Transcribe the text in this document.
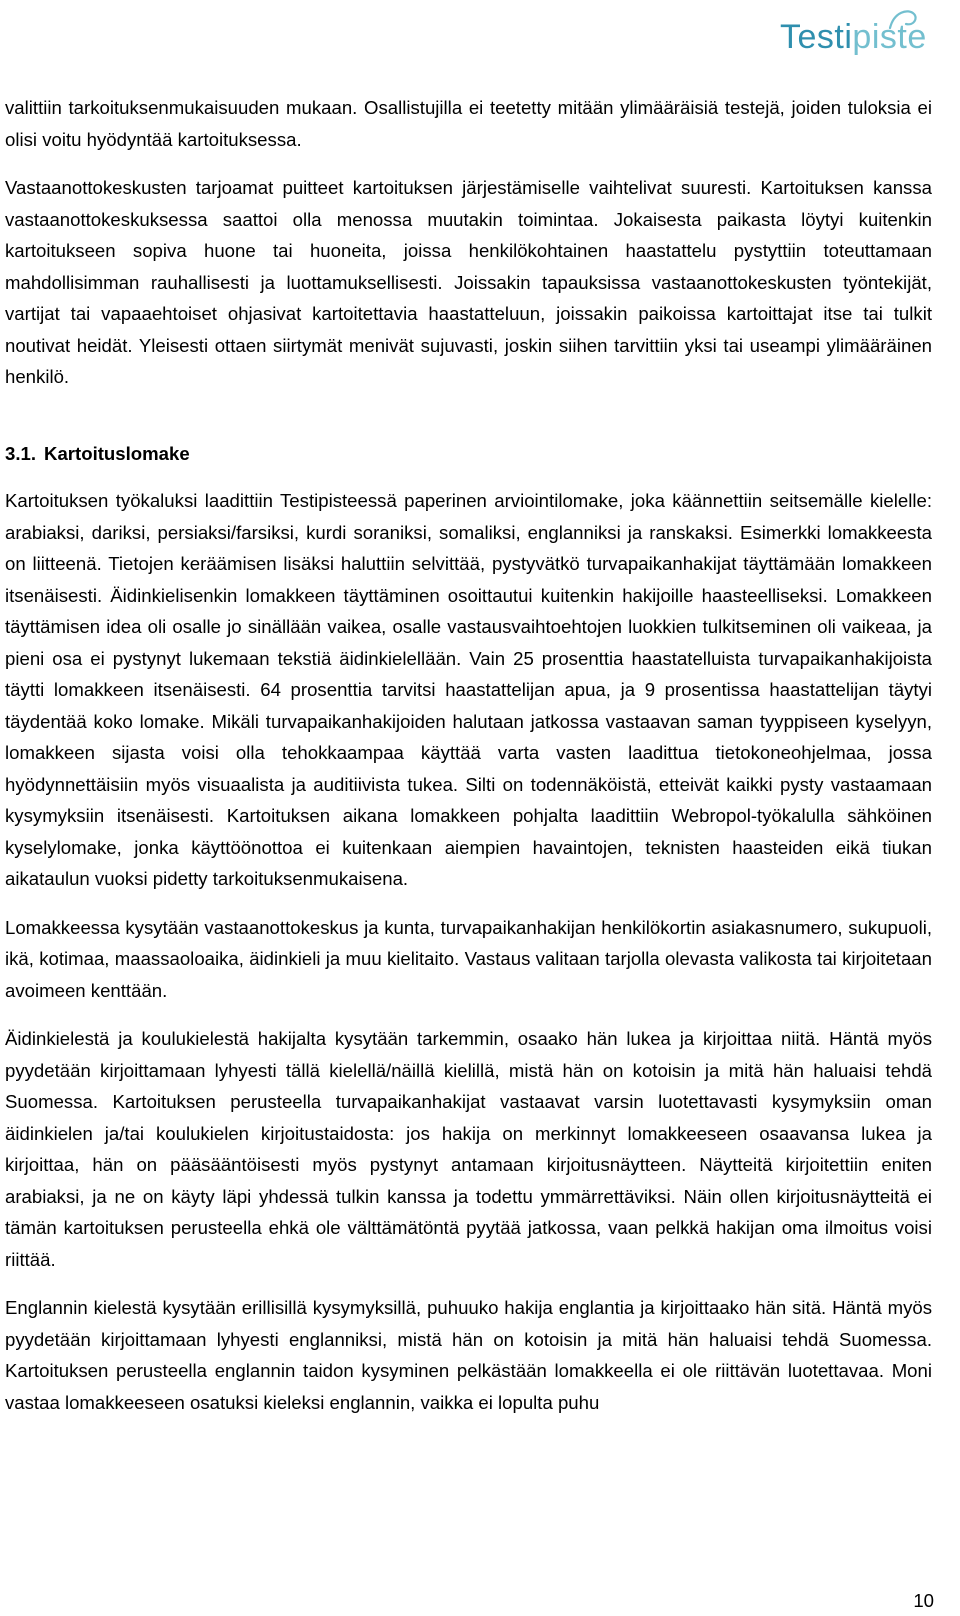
Testipiste

valittiin tarkoituksenmukaisuuden mukaan. Osallistujilla ei teetetty mitään ylimääräisiä testejä, joiden tuloksia ei olisi voitu hyödyntää kartoituksessa.

Vastaanottokeskusten tarjoamat puitteet kartoituksen järjestämiselle vaihtelivat suuresti. Kartoituksen kanssa vastaanottokeskuksessa saattoi olla menossa muutakin toimintaa. Jokaisesta paikasta löytyi kuitenkin kartoitukseen sopiva huone tai huoneita, joissa henkilökohtainen haastattelu pystyttiin toteuttamaan mahdollisimman rauhallisesti ja luottamuksellisesti. Joissakin tapauksissa vastaanottokeskusten työntekijät, vartijat tai vapaaehtoiset ohjasivat kartoitettavia haastatteluun, joissakin paikoissa kartoittajat itse tai tulkit noutivat heidät. Yleisesti ottaen siirtymät menivät sujuvasti, joskin siihen tarvittiin yksi tai useampi ylimääräinen henkilö.

3.1. Kartoituslomake

Kartoituksen työkaluksi laadittiin Testipisteessä paperinen arviointilomake, joka käännettiin seitsemälle kielelle: arabiaksi, dariksi, persiaksi/farsiksi, kurdi soraniksi, somaliksi, englanniksi ja ranskaksi. Esimerkki lomakkeesta on liitteenä. Tietojen keräämisen lisäksi haluttiin selvittää, pystyvätkö turvapaikanhakijat täyttämään lomakkeen itsenäisesti. Äidinkielisenkin lomakkeen täyttäminen osoittautui kuitenkin hakijoille haasteelliseksi. Lomakkeen täyttämisen idea oli osalle jo sinällään vaikea, osalle vastausvaihtoehtojen luokkien tulkitseminen oli vaikeaa, ja pieni osa ei pystynyt lukemaan tekstiä äidinkielellään. Vain 25 prosenttia haastatelluista turvapaikanhakijoista täytti lomakkeen itsenäisesti. 64 prosenttia tarvitsi haastattelijan apua, ja 9 prosentissa haastattelijan täytyi täydentää koko lomake. Mikäli turvapaikanhakijoiden halutaan jatkossa vastaavan saman tyyppiseen kyselyyn, lomakkeen sijasta voisi olla tehokkaampaa käyttää varta vasten laadittua tietokoneohjelmaa, jossa hyödynnettäisiin myös visuaalista ja auditiivista tukea. Silti on todennäköistä, etteivät kaikki pysty vastaamaan kysymyksiin itsenäisesti. Kartoituksen aikana lomakkeen pohjalta laadittiin Webropol-työkalulla sähköinen kyselylomake, jonka käyttöönottoa ei kuitenkaan aiempien havaintojen, teknisten haasteiden eikä tiukan aikataulun vuoksi pidetty tarkoituksenmukaisena.

Lomakkeessa kysytään vastaanottokeskus ja kunta, turvapaikanhakijan henkilökortin asiakasnumero, sukupuoli, ikä, kotimaa, maassaoloaika, äidinkieli ja muu kielitaito. Vastaus valitaan tarjolla olevasta valikosta tai kirjoitetaan avoimeen kenttään.

Äidinkielestä ja koulukielestä hakijalta kysytään tarkemmin, osaako hän lukea ja kirjoittaa niitä. Häntä myös pyydetään kirjoittamaan lyhyesti tällä kielellä/näillä kielillä, mistä hän on kotoisin ja mitä hän haluaisi tehdä Suomessa. Kartoituksen perusteella turvapaikanhakijat vastaavat varsin luotettavasti kysymyksiin oman äidinkielen ja/tai koulukielen kirjoitustaidosta: jos hakija on merkinnyt lomakkeeseen osaavansa lukea ja kirjoittaa, hän on pääsääntöisesti myös pystynyt antamaan kirjoitusnäytteen. Näytteitä kirjoitettiin eniten arabiaksi, ja ne on käyty läpi yhdessä tulkin kanssa ja todettu ymmärrettäviksi. Näin ollen kirjoitusnäytteitä ei tämän kartoituksen perusteella ehkä ole välttämätöntä pyytää jatkossa, vaan pelkkä hakijan oma ilmoitus voisi riittää.

Englannin kielestä kysytään erillisillä kysymyksillä, puhuuko hakija englantia ja kirjoittaako hän sitä. Häntä myös pyydetään kirjoittamaan lyhyesti englanniksi, mistä hän on kotoisin ja mitä hän haluaisi tehdä Suomessa. Kartoituksen perusteella englannin taidon kysyminen pelkästään lomakkeella ei ole riittävän luotettavaa. Moni vastaa lomakkeeseen osatuksi kieleksi englannin, vaikka ei lopulta puhu

10
